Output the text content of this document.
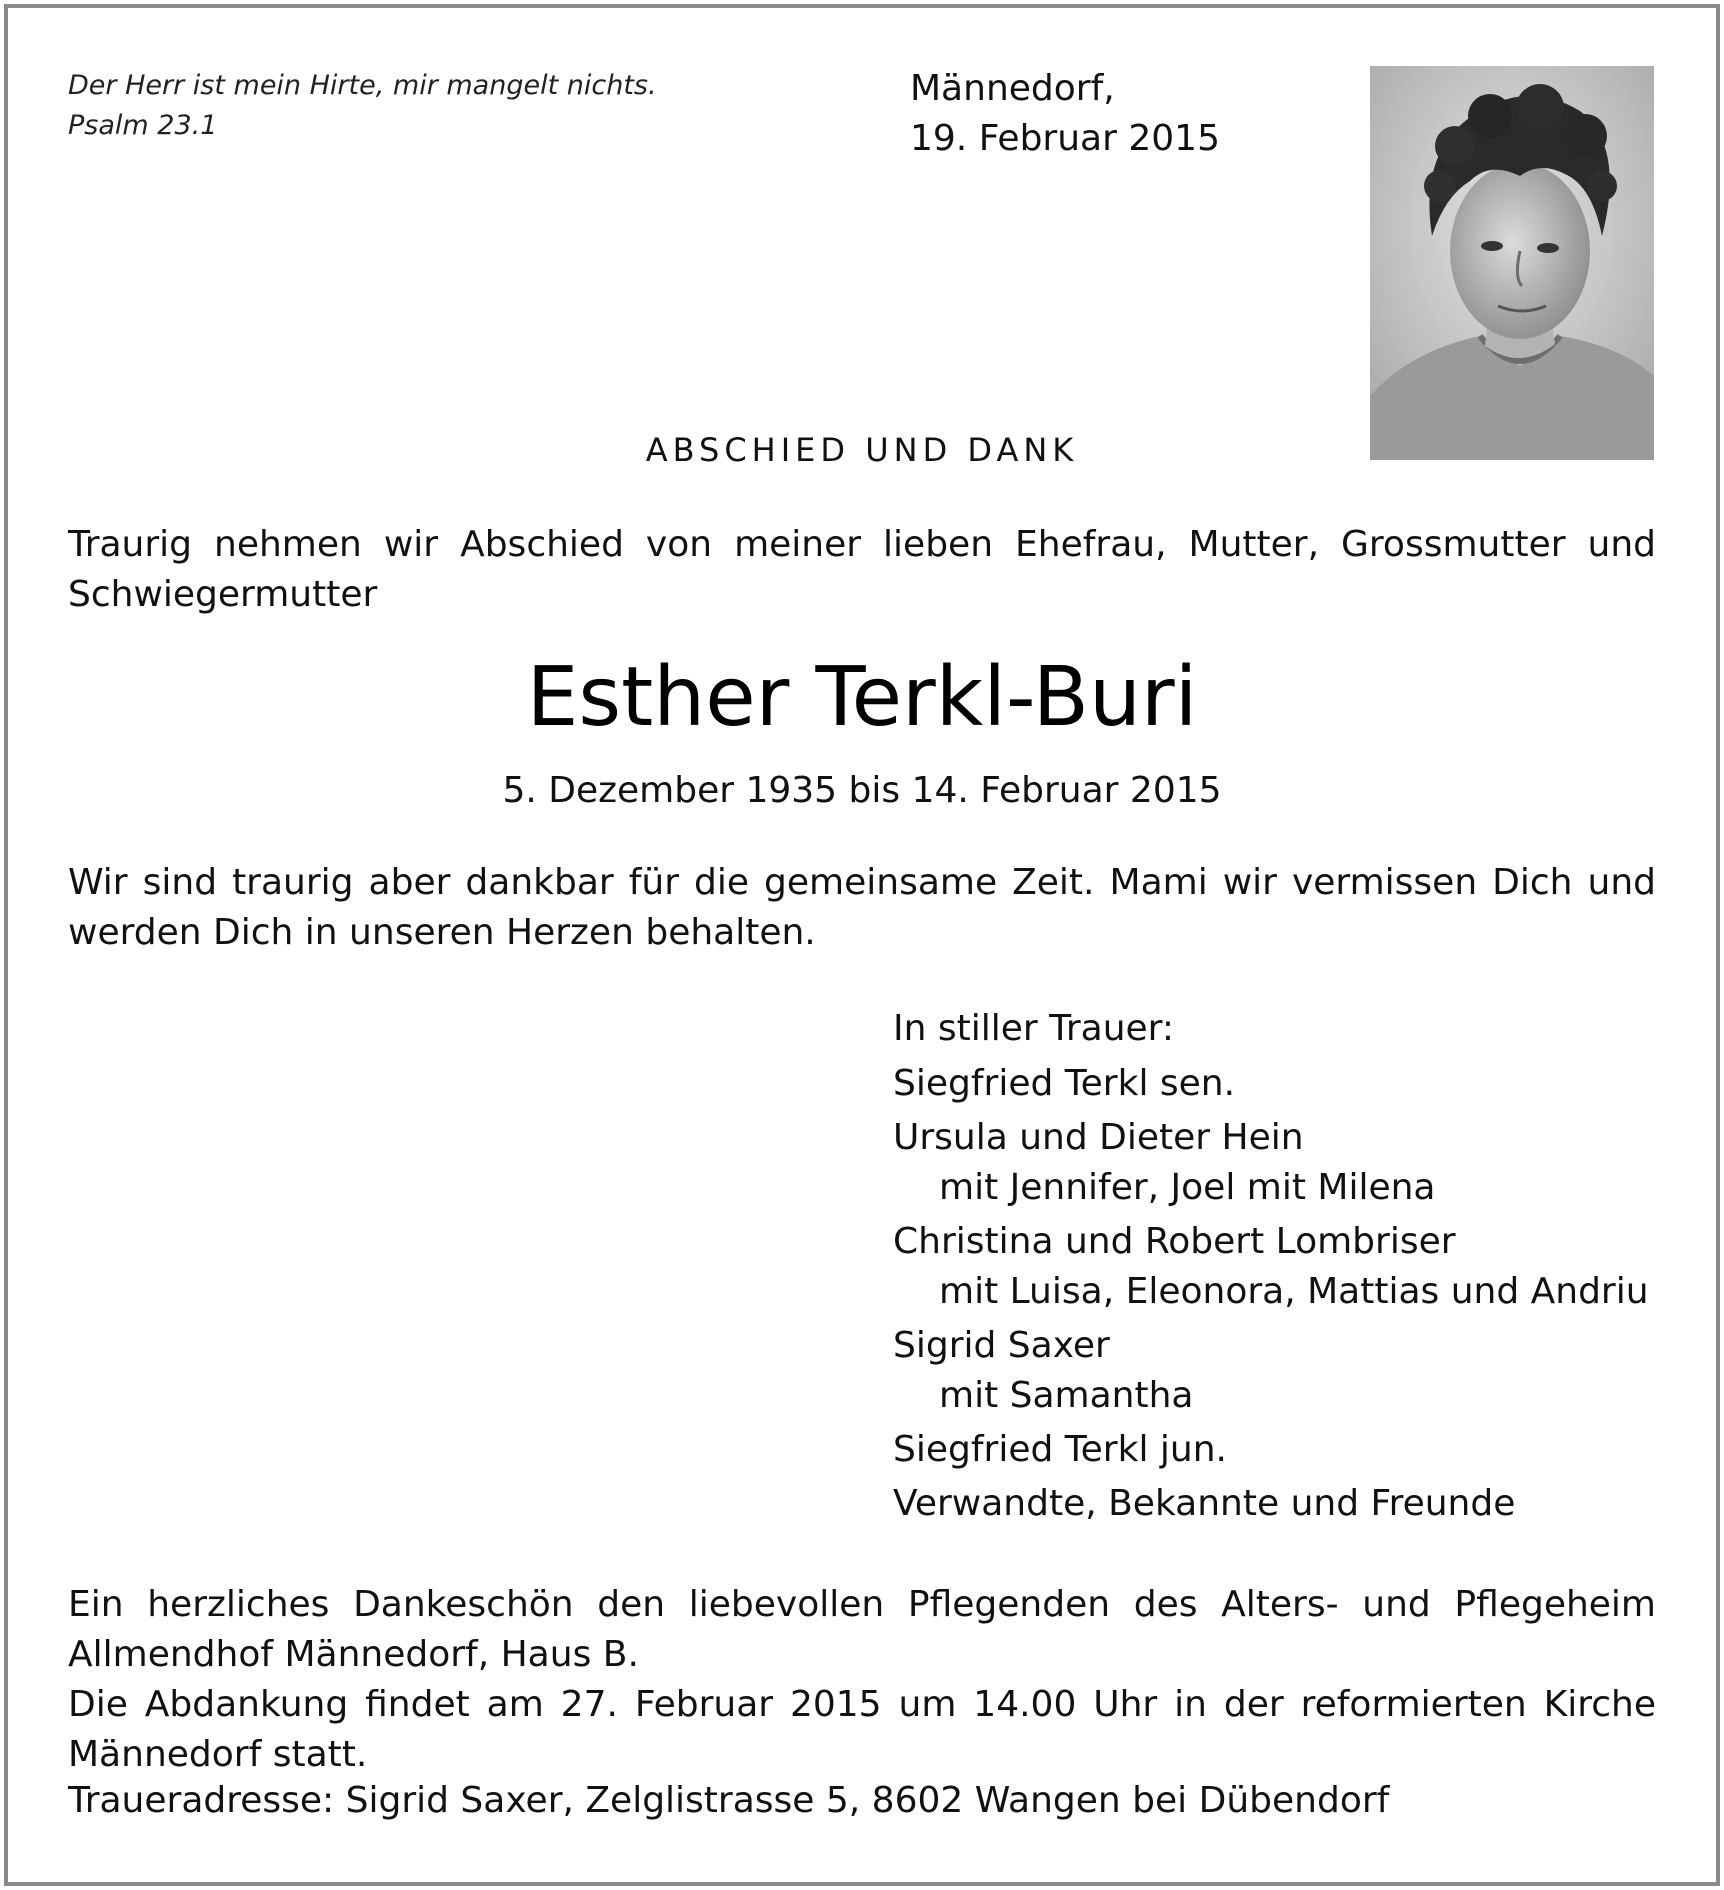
Der Herr ist mein Hirte, mir mangelt nichts.
Psalm 23.1
Männedorf,
19. Februar 2015
ABSCHIED UND DANK

Traurig nehmen wir Abschied von meiner lieben Ehefrau, Mutter, Grossmutter und Schwiegermutter

Esther Terkl-Buri
5. Dezember 1935 bis 14. Februar 2015

Wir sind traurig aber dankbar für die gemeinsame Zeit. Mami wir vermissen Dich und werden Dich in unseren Herzen behalten.

In stiller Trauer:

Siegfried Terkl sen.

Ursula und Dieter Hein

mit Jennifer, Joel mit Milena

Christina und Robert Lombriser

mit Luisa, Eleonora, Mattias und Andriu

Sigrid Saxer

mit Samantha

Siegfried Terkl jun.

Verwandte, Bekannte und Freunde

Ein herzliches Dankeschön den liebevollen Pflegenden des Alters- und Pflegeheim Allmendhof Männedorf, Haus B.

Die Abdankung findet am 27. Februar 2015 um 14.00 Uhr in der reformierten Kirche Männedorf statt.

Traueradresse: Sigrid Saxer, Zelglistrasse 5, 8602 Wangen bei Dübendorf
